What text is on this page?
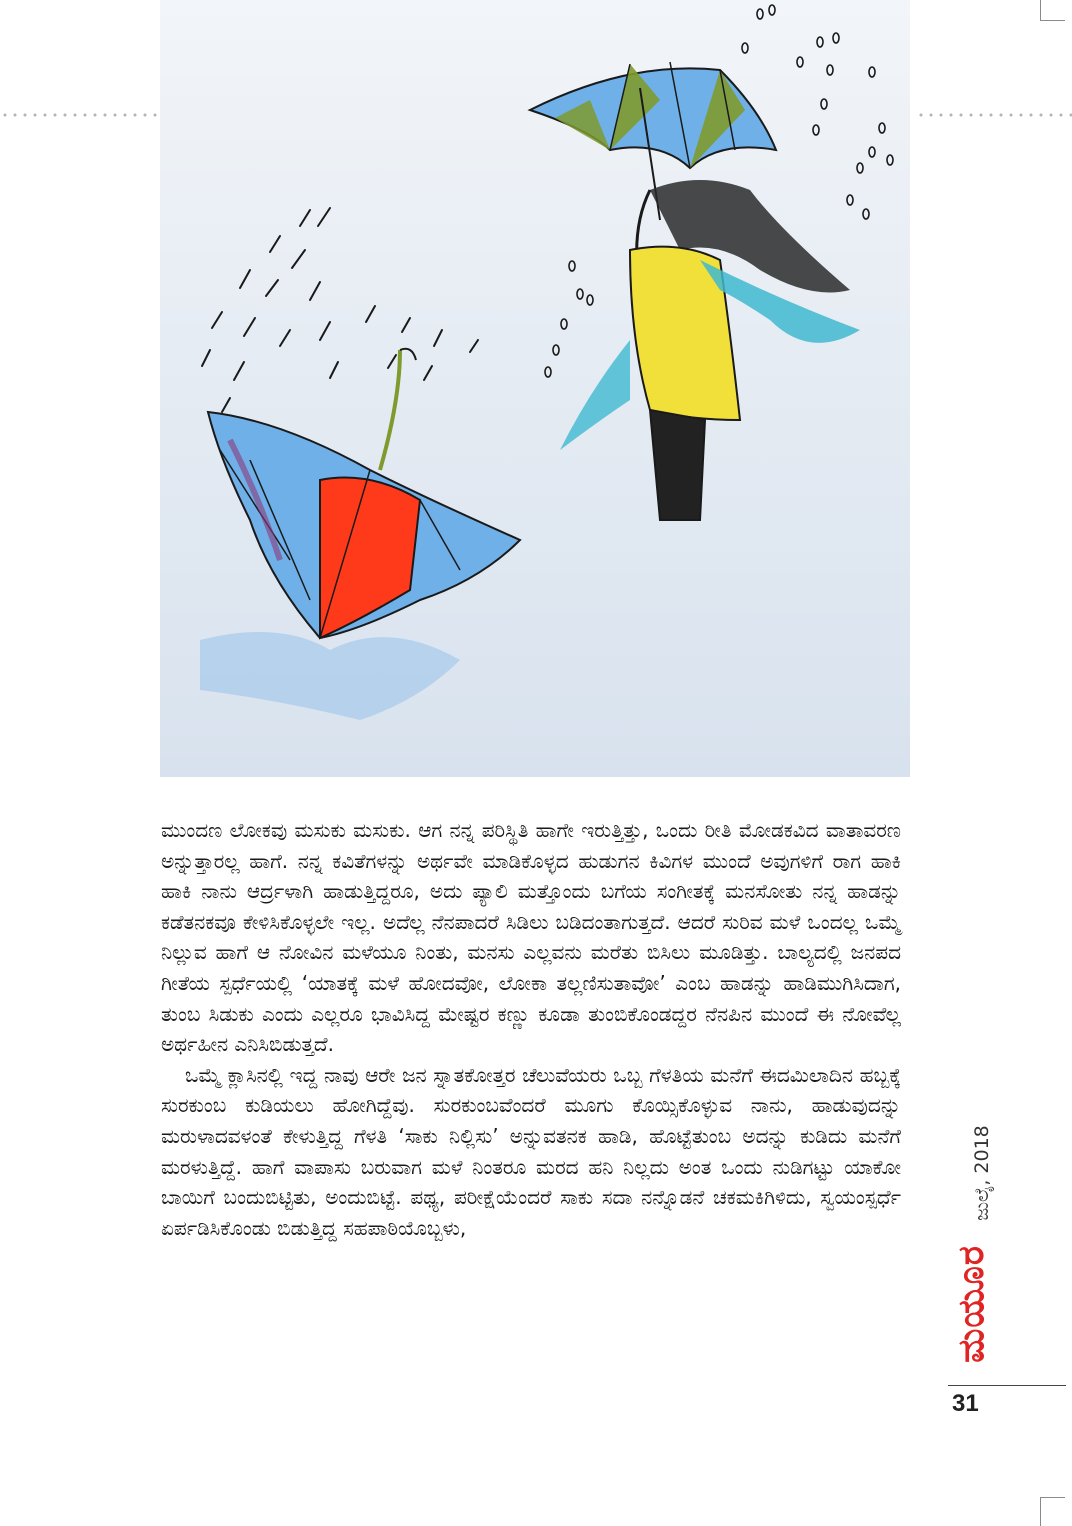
ಮುಂದಣ ಲೋಕವು ಮಸುಕು ಮಸುಕು. ಆಗ ನನ್ನ ಪರಿಸ್ಥಿತಿ ಹಾಗೇ ಇರುತ್ತಿತ್ತು, ಒಂದು ರೀತಿ ಮೋಡಕವಿದ ವಾತಾವರಣ ಅನ್ನುತ್ತಾರಲ್ಲ ಹಾಗೆ. ನನ್ನ ಕವಿತೆಗಳನ್ನು ಅರ್ಥವೇ ಮಾಡಿಕೊಳ್ಳದ ಹುಡುಗನ ಕಿವಿಗಳ ಮುಂದೆ ಅವುಗಳಿಗೆ ರಾಗ ಹಾಕಿ ಹಾಕಿ ನಾನು ಆರ್ದ್ರಳಾಗಿ ಹಾಡುತ್ತಿದ್ದರೂ, ಅದು ಪ್ಯಾಲಿ ಮತ್ತೊಂದು ಬಗೆಯ ಸಂಗೀತಕ್ಕೆ ಮನಸೋತು ನನ್ನ ಹಾಡನ್ನು ಕಡೆತನಕವೂ ಕೇಳಿಸಿಕೊಳ್ಳಲೇ ಇಲ್ಲ. ಅದೆಲ್ಲ ನೆನಪಾದರೆ ಸಿಡಿಲು ಬಡಿದಂತಾಗುತ್ತದೆ. ಆದರೆ ಸುರಿವ ಮಳೆ ಒಂದಲ್ಲ ಒಮ್ಮೆ ನಿಲ್ಲುವ ಹಾಗೆ ಆ ನೋವಿನ ಮಳೆಯೂ ನಿಂತು, ಮನಸು ಎಲ್ಲವನು ಮರೆತು ಬಿಸಿಲು ಮೂಡಿತ್ತು. ಬಾಲ್ಯದಲ್ಲಿ ಜನಪದ ಗೀತೆಯ ಸ್ಪರ್ಧೆಯಲ್ಲಿ ‘ಯಾತಕ್ಕೆ ಮಳೆ ಹೋದವೋ, ಲೋಕಾ ತಲ್ಲಣಿಸುತಾವೋ’ ಎಂಬ ಹಾಡನ್ನು ಹಾಡಿಮುಗಿಸಿದಾಗ, ತುಂಬ ಸಿಡುಕು ಎಂದು ಎಲ್ಲರೂ ಭಾವಿಸಿದ್ದ ಮೇಷ್ಟರ ಕಣ್ಣು ಕೂಡಾ ತುಂಬಿಕೊಂಡದ್ದರ ನೆನಪಿನ ಮುಂದೆ ಈ ನೋವೆಲ್ಲ ಅರ್ಥಹೀನ ಎನಿಸಿಬಿಡುತ್ತದೆ.

ಒಮ್ಮೆ ಕ್ಲಾಸಿನಲ್ಲಿ ಇದ್ದ ನಾವು ಆರೇ ಜನ ಸ್ನಾತಕೋತ್ತರ ಚೆಲುವೆಯರು ಒಬ್ಬ ಗೆಳತಿಯ ಮನೆಗೆ ಈದಮಿಲಾದಿನ ಹಬ್ಬಕ್ಕೆ ಸುರಕುಂಬ ಕುಡಿಯಲು ಹೋಗಿದ್ದೆವು. ಸುರಕುಂಬವೆಂದರೆ ಮೂಗು ಕೊಯ್ಸಿಕೊಳ್ಳುವ ನಾನು, ಹಾಡುವುದನ್ನು ಮರುಳಾದವಳಂತೆ ಕೇಳುತ್ತಿದ್ದ ಗೆಳತಿ ‘ಸಾಕು ನಿಲ್ಲಿಸು’ ಅನ್ನುವತನಕ ಹಾಡಿ, ಹೊಟ್ಟೆತುಂಬ ಅದನ್ನು ಕುಡಿದು ಮನೆಗೆ ಮರಳುತ್ತಿದ್ದೆ. ಹಾಗೆ ವಾಪಾಸು ಬರುವಾಗ ಮಳೆ ನಿಂತರೂ ಮರದ ಹನಿ ನಿಲ್ಲದು ಅಂತ ಒಂದು ನುಡಿಗಟ್ಟು ಯಾಕೋ ಬಾಯಿಗೆ ಬಂದುಬಿಟ್ಟಿತು, ಅಂದುಬಿಟ್ಟೆ. ಪಥ್ಯ, ಪರೀಕ್ಷೆಯೆಂದರೆ ಸಾಕು ಸದಾ ನನ್ನೊಡನೆ ಚಕಮಕಿಗಿಳಿದು, ಸ್ವಯಂಸ್ಪರ್ಧೆ ಏರ್ಪಡಿಸಿಕೊಂಡು ಬಿಡುತ್ತಿದ್ದ ಸಹಪಾಠಿಯೊಬ್ಬಳು,

ಜುಲೈ, 2018
ಮಯೂರ
31
